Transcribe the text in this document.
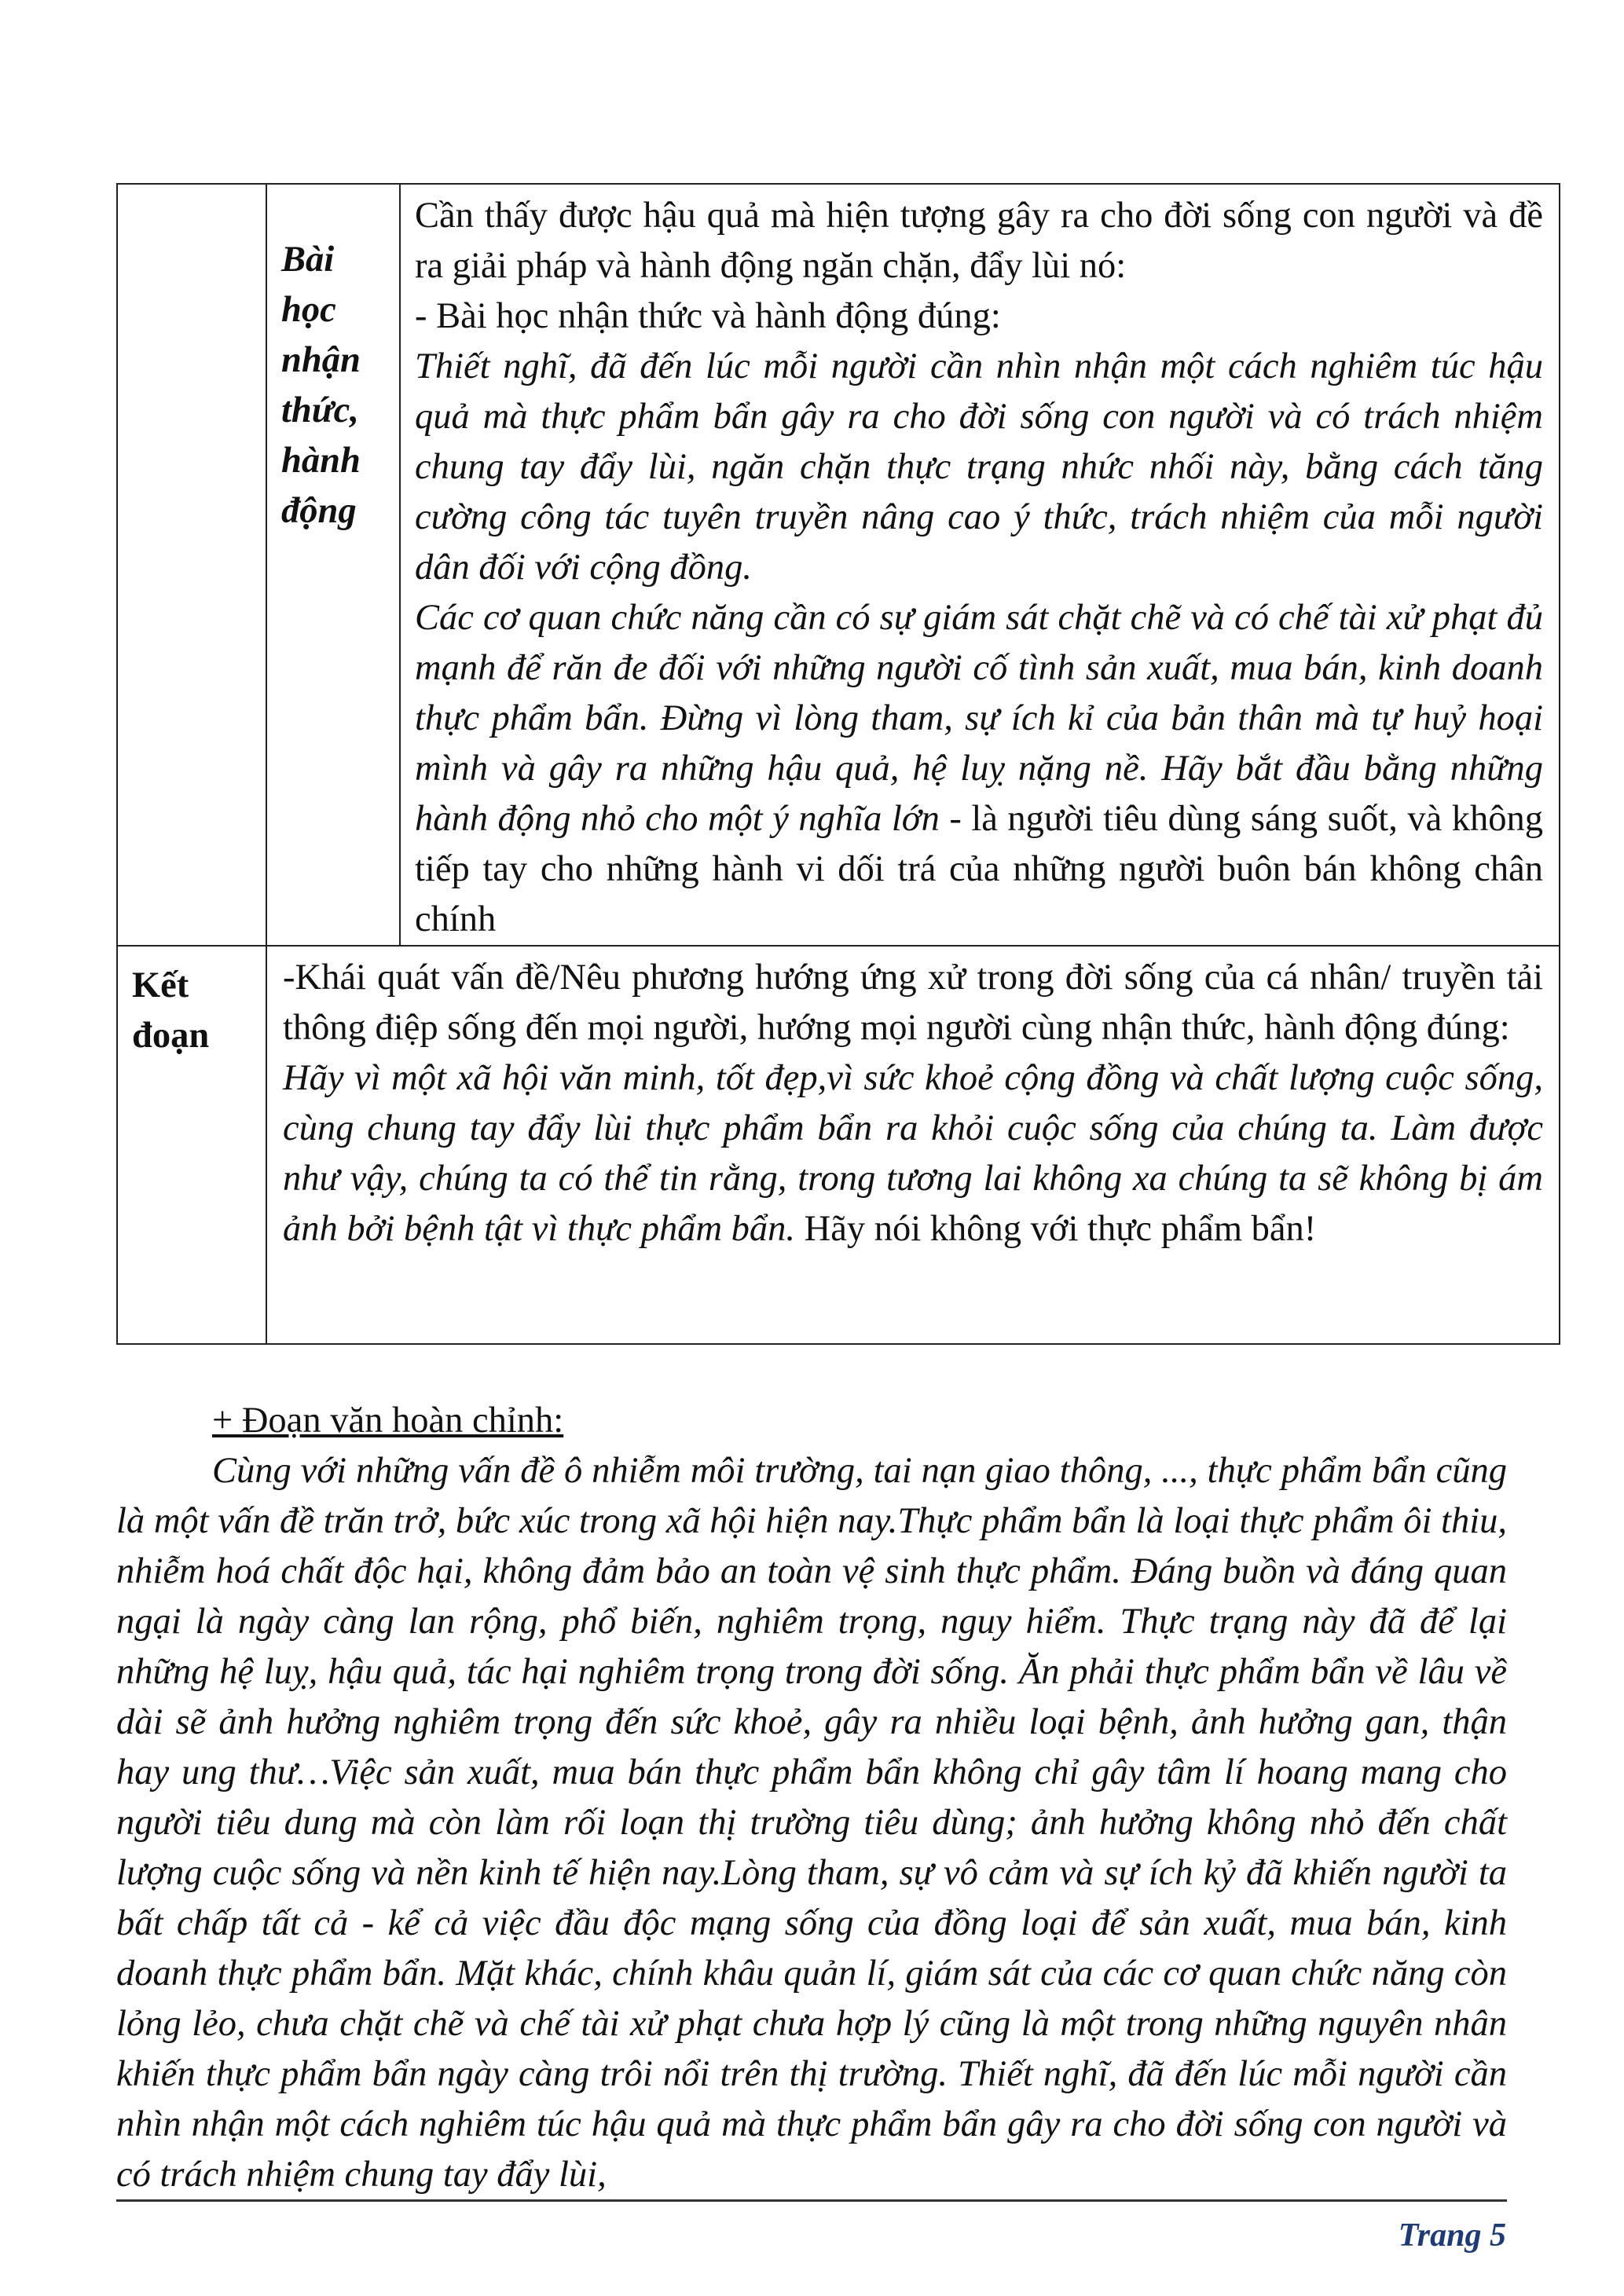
	Bài học nhận thức, hành động	Cần thấy được hậu quả mà hiện tượng gây ra cho đời sống con người và đề ra giải pháp và hành động ngăn chặn, đẩy lùi nó:

- Bài học nhận thức và hành động đúng:

Thiết nghĩ, đã đến lúc mỗi người cần nhìn nhận một cách nghiêm túc hậu quả mà thực phẩm bẩn gây ra cho đời sống con người và có trách nhiệm chung tay đẩy lùi, ngăn chặn thực trạng nhức nhối này, bằng cách tăng cường công tác tuyên truyền nâng cao ý thức, trách nhiệm của mỗi người dân đối với cộng đồng.

Các cơ quan chức năng cần có sự giám sát chặt chẽ và có chế tài xử phạt đủ mạnh để răn đe đối với những người cố tình sản xuất, mua bán, kinh doanh thực phẩm bẩn. Đừng vì lòng tham, sự ích kỉ của bản thân mà tự huỷ hoại mình và gây ra những hậu quả, hệ luỵ nặng nề. Hãy bắt đầu bằng những hành động nhỏ cho một ý nghĩa lớn - là người tiêu dùng sáng suốt, và không tiếp tay cho những hành vi dối trá của những người buôn bán không chân chính

Kết đoạn	-Khái quát vấn đề/Nêu phương hướng ứng xử trong đời sống của cá nhân/ truyền tải thông điệp sống đến mọi người, hướng mọi người cùng nhận thức, hành động đúng:

Hãy vì một xã hội văn minh, tốt đẹp,vì sức khoẻ cộng đồng và chất lượng cuộc sống, cùng chung tay đẩy lùi thực phẩm bẩn ra khỏi cuộc sống của chúng ta. Làm được như vậy, chúng ta có thể tin rằng, trong tương lai không xa chúng ta sẽ không bị ám ảnh bởi bệnh tật vì thực phẩm bẩn. Hãy nói không với thực phẩm bẩn!	

+ Đoạn văn hoàn chỉnh:

Cùng với những vấn đề ô nhiễm môi trường, tai nạn giao thông, ..., thực phẩm bẩn cũng là một vấn đề trăn trở, bức xúc trong xã hội hiện nay.Thực phẩm bẩn là loại thực phẩm ôi thiu, nhiễm hoá chất độc hại, không đảm bảo an toàn vệ sinh thực phẩm. Đáng buồn và đáng quan ngại là ngày càng lan rộng, phổ biến, nghiêm trọng, nguy hiểm. Thực trạng này đã để lại những hệ luỵ, hậu quả, tác hại nghiêm trọng trong đời sống. Ăn phải thực phẩm bẩn về lâu về dài sẽ ảnh hưởng nghiêm trọng đến sức khoẻ, gây ra nhiều loại bệnh, ảnh hưởng gan, thận hay ung thư…Việc sản xuất, mua bán thực phẩm bẩn không chỉ gây tâm lí hoang mang cho người tiêu dung mà còn làm rối loạn thị trường tiêu dùng; ảnh hưởng không nhỏ đến chất lượng cuộc sống và nền kinh tế hiện nay.Lòng tham, sự vô cảm và sự ích kỷ đã khiến người ta bất chấp tất cả - kể cả việc đầu độc mạng sống của đồng loại để sản xuất, mua bán, kinh doanh thực phẩm bẩn. Mặt khác, chính khâu quản lí, giám sát của các cơ quan chức năng còn lỏng lẻo, chưa chặt chẽ và chế tài xử phạt chưa hợp lý cũng là một trong những nguyên nhân khiến thực phẩm bẩn ngày càng trôi nổi trên thị trường. Thiết nghĩ, đã đến lúc mỗi người cần nhìn nhận một cách nghiêm túc hậu quả mà thực phẩm bẩn gây ra cho đời sống con người và có trách nhiệm chung tay đẩy lùi,

Trang 5
